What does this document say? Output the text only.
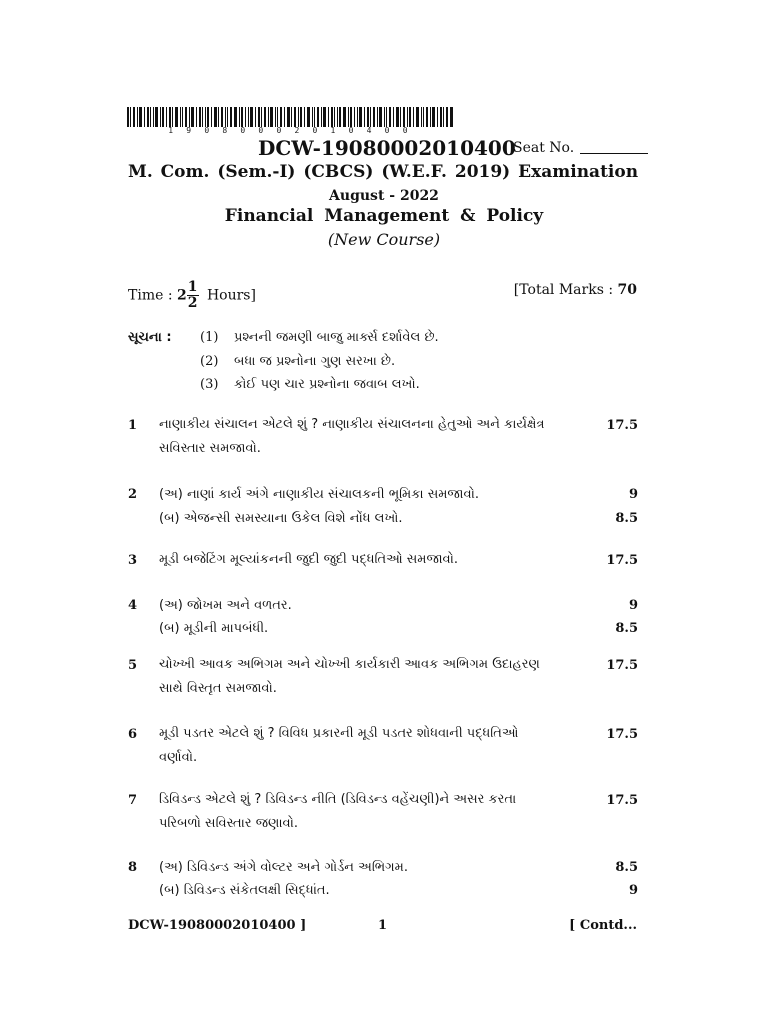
1 9 0 8 0 0 0 2 0 1 0 4 0 0
DCW-19080002010400
Seat No.
M. Com. (Sem.-I) (CBCS) (W.E.F. 2019) Examination
August - 2022
Financial Management & Policy
(New Course)
Time : $2 \frac{1}{2}$ Hours]	[Total Marks : 70
સૂચના : (1) પ્રશ્નની જમણી બાજુ માર્ક્સ દર્શાવેલ છે.
(2) બધા જ પ્રશ્નોના ગુણ સરખા છે.
(3) કોઈ પણ ચાર પ્રશ્નોના જવાબ લખો.
1 નાણાકીય સંચાલન એટલે શું ? નાણાકીય સંચાલનના હેતુઓ અને કાર્યક્ષેત્ર
સવિસ્તાર સમજાવો.
17.5
2 (અ) નાણાં કાર્ય અંગે નાણાકીય સંચાલકની ભૂમિકા સમજાવો.	9
(બ) એજન્સી સમસ્યાના ઉકેલ વિશે નોંધ લખો.	8.5
3 મૂડી બજેટિંગ મૂલ્યાંકનની જુદી જુદી પદ્ધતિઓ સમજાવો.	17.5
4 (અ) જોખમ અને વળતર.	9
(બ) મૂડીની માપબંધી.	8.5
5 ચોખ્ખી આવક અભિગમ અને ચોખ્ખી કાર્યકારી આવક અભિગમ ઉદાહરણ
સાથે વિસ્તૃત સમજાવો.
17.5
6 મૂડી પડતર એટલે શું ? વિવિધ પ્રકારની મૂડી પડતર શોધવાની પદ્ધતિઓ
વર્ણાવો.
17.5
7 ડિવિડન્ડ એટલે શું ? ડિવિડન્ડ નીતિ (ડિવિડન્ડ વહેંચણી)ને અસર કરતા
પરિબળો સવિસ્તાર જણાવો.
17.5
8 (અ) ડિવિડન્ડ અંગે વોલ્ટર અને ગોર્ડન અભિગમ.	8.5
(બ) ડિવિડન્ડ સંકેતલક્ષી સિદ્ધાંત.	9
DCW-19080002010400 ]	1	[ Contd...
